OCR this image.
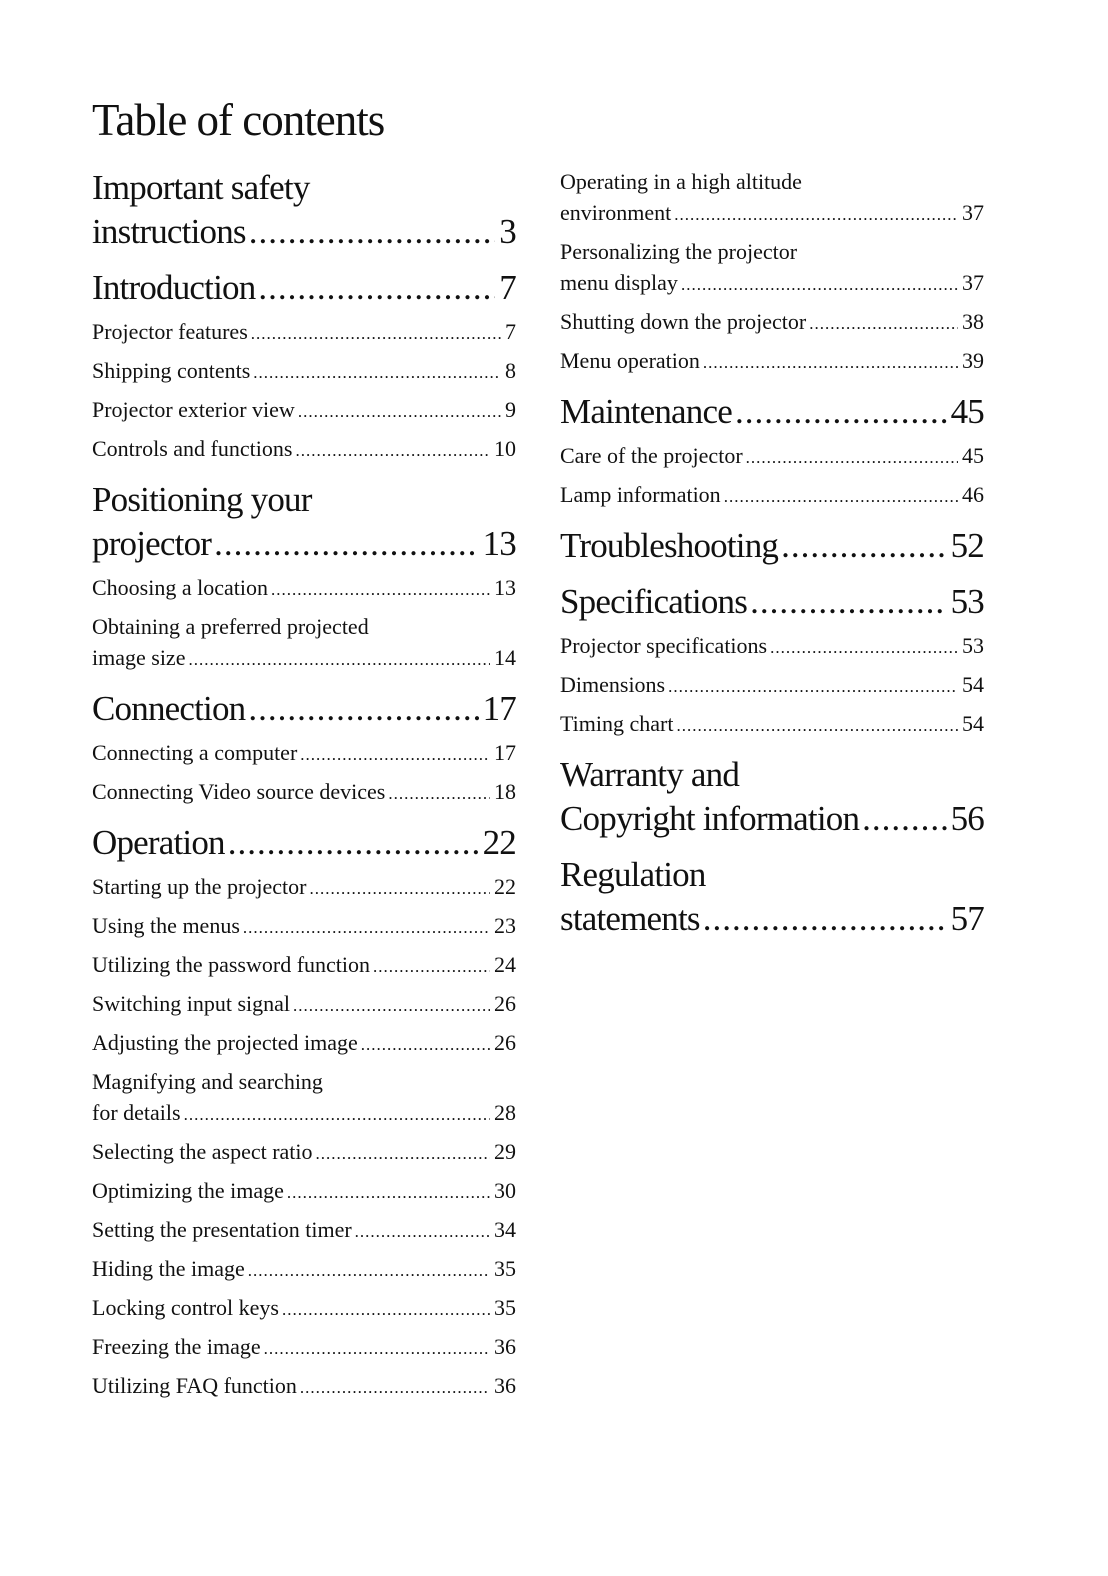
Table of contents
Important safety
instructions .....	3
Introduction .....	7
Projector features .....	7
Shipping contents .....	8
Projector exterior view .....	9
Controls and functions .....	10
Positioning your
projector .....	13
Choosing a location .....	13
Obtaining a preferred projected
image size .....	14
Connection .....	17
Connecting a computer .....	17
Connecting Video source devices .....	18
Operation .....	22
Starting up the projector .....	22
Using the menus .....	23
Utilizing the password function .....	24
Switching input signal .....	26
Adjusting the projected image .....	26
Magnifying and searching
for details .....	28
Selecting the aspect ratio .....	29
Optimizing the image .....	30
Setting the presentation timer .....	34
Hiding the image .....	35
Locking control keys .....	35
Freezing the image .....	36
Utilizing FAQ function .....	36
Operating in a high altitude
environment .....	37
Personalizing the projector
menu display .....	37
Shutting down the projector .....	38
Menu operation .....	39
Maintenance .....	45
Care of the projector .....	45
Lamp information .....	46
Troubleshooting .....	52
Specifications .....	53
Projector specifications .....	53
Dimensions .....	54
Timing chart .....	54
Warranty and
Copyright information .....	56
Regulation
statements .....	57
